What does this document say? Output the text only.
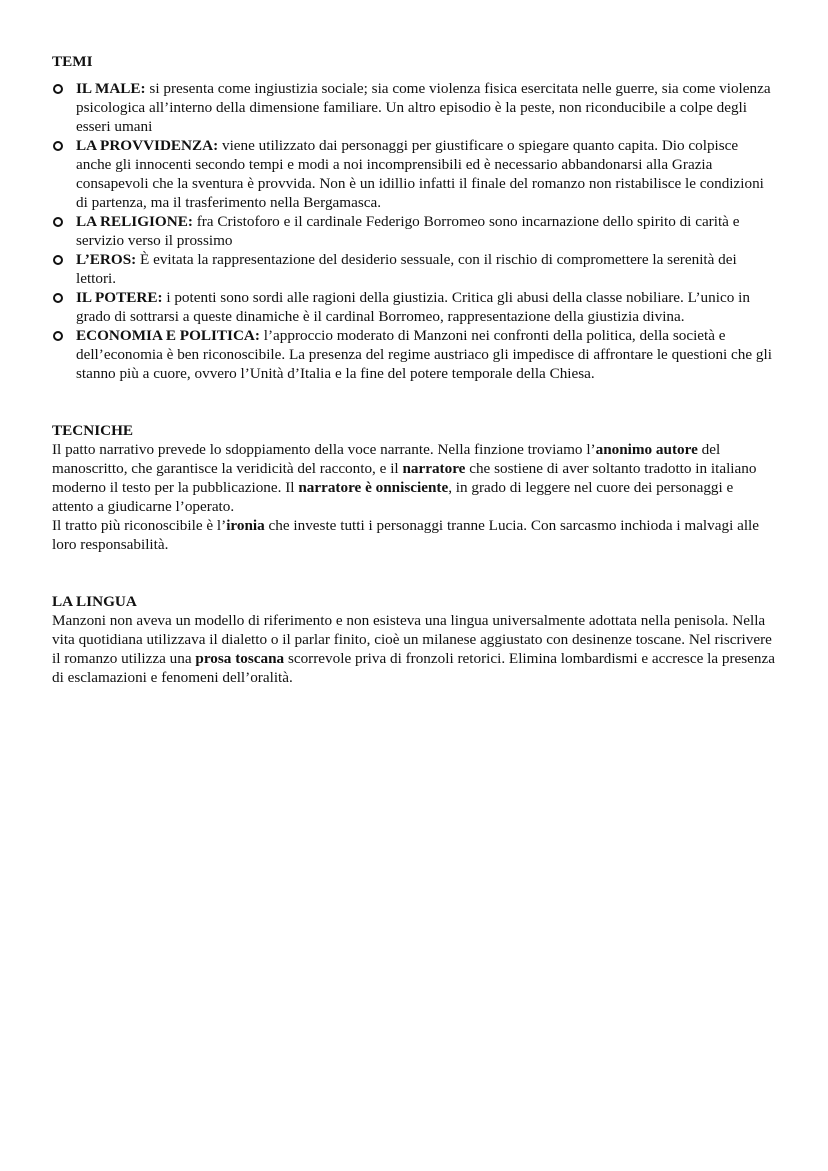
TEMI

IL MALE: si presenta come ingiustizia sociale; sia come violenza fisica esercitata nelle guerre, sia come violenza psicologica all’interno della dimensione familiare. Un altro episodio è la peste, non riconducibile a colpe degli esseri umani
LA PROVVIDENZA: viene utilizzato dai personaggi per giustificare o spiegare quanto capita. Dio colpisce anche gli innocenti secondo tempi e modi a noi incomprensibili ed è necessario abbandonarsi alla Grazia consapevoli che la sventura è provvida. Non è un idillio infatti il finale del romanzo non ristabilisce le condizioni di partenza, ma il trasferimento nella Bergamasca.
LA RELIGIONE: fra Cristoforo e il cardinale Federigo Borromeo sono incarnazione dello spirito di carità e servizio verso il prossimo
L’EROS: È evitata la rappresentazione del desiderio sessuale, con il rischio di compromettere la serenità dei lettori.
IL POTERE: i potenti sono sordi alle ragioni della giustizia. Critica gli abusi della classe nobiliare. L’unico in grado di sottrarsi a queste dinamiche è il cardinal Borromeo, rappresentazione della giustizia divina.
ECONOMIA E POLITICA: l’approccio moderato di Manzoni nei confronti della politica, della società e dell’economia è ben riconoscibile. La presenza del regime austriaco gli impedisce di affrontare le questioni che gli stanno più a cuore, ovvero l’Unità d’Italia e la fine del potere temporale della Chiesa.

TECNICHE

Il patto narrativo prevede lo sdoppiamento della voce narrante. Nella finzione troviamo l’anonimo autore del manoscritto, che garantisce la veridicità del racconto, e il narratore che sostiene di aver soltanto tradotto in italiano moderno il testo per la pubblicazione. Il narratore è onnisciente, in grado di leggere nel cuore dei personaggi e attento a giudicarne l’operato.

Il tratto più riconoscibile è l’ironia che investe tutti i personaggi tranne Lucia. Con sarcasmo inchioda i malvagi alle loro responsabilità.

LA LINGUA

Manzoni non aveva un modello di riferimento e non esisteva una lingua universalmente adottata nella penisola. Nella vita quotidiana utilizzava il dialetto o il parlar finito, cioè un milanese aggiustato con desinenze toscane. Nel riscrivere il romanzo utilizza una prosa toscana scorrevole priva di fronzoli retorici. Elimina lombardismi e accresce la presenza di esclamazioni e fenomeni dell’oralità.
